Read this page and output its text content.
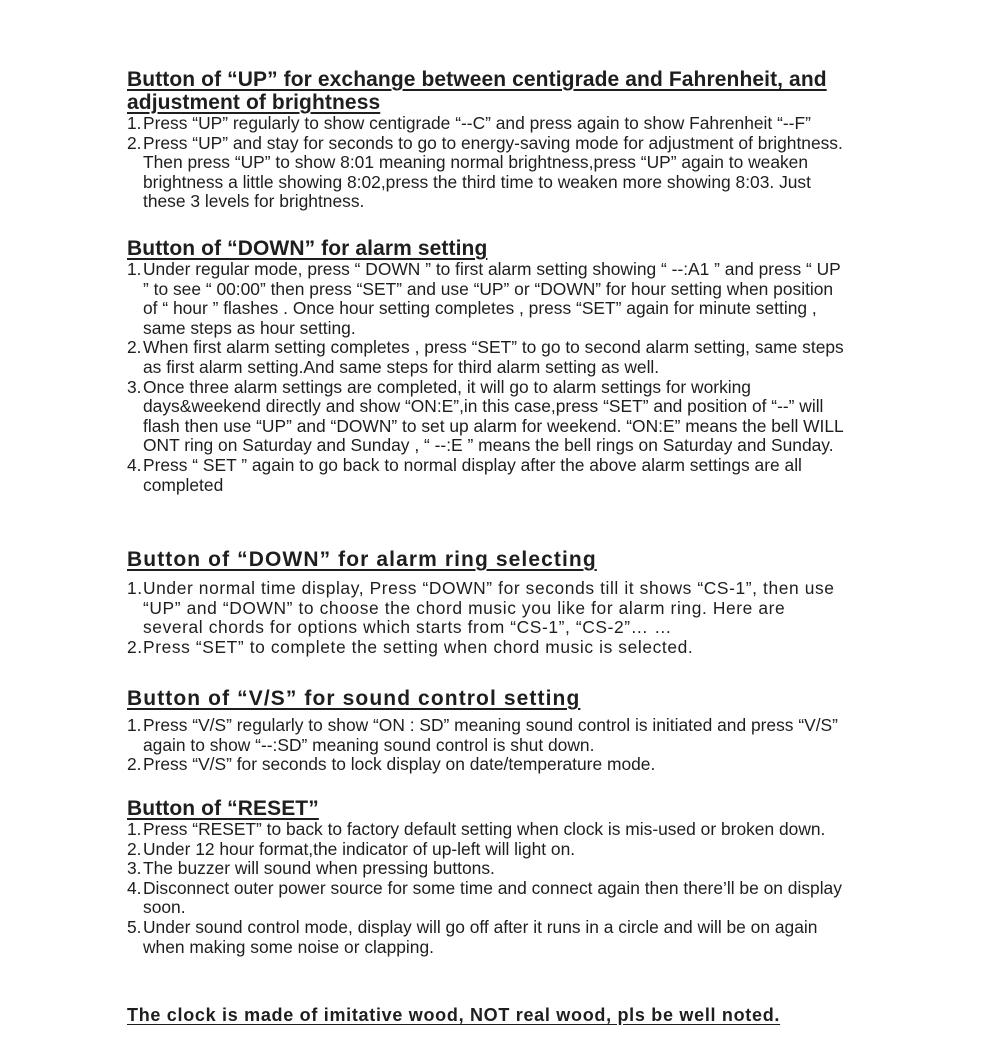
Button of “UP” for exchange between centigrade and Fahrenheit, and adjustment of brightness
1. Press “UP” regularly to show centigrade “--C” and press again to show Fahrenheit “--F”
2. Press “UP” and stay for seconds to go to energy-saving mode for adjustment of brightness. Then press “UP” to show 8:01 meaning normal brightness,press “UP” again to weaken brightness a little showing 8:02,press the third time to weaken more showing 8:03. Just these 3 levels for brightness.
Button of “DOWN” for alarm setting
1. Under regular mode, press “ DOWN ” to first alarm setting showing “ --:A1 ” and press “ UP ” to see “ 00:00” then press “SET” and use “UP” or “DOWN” for hour setting when position of “ hour ” flashes . Once hour setting completes , press “SET” again for minute setting , same steps as hour setting.
2. When first alarm setting completes , press “SET” to go to second alarm setting, same steps as first alarm setting.And same steps for third alarm setting as well.
3. Once three alarm settings are completed, it will go to alarm settings for working days&weekend directly and show “ON:E”,in this case,press “SET” and position of “--” will flash then use “UP” and “DOWN” to set up alarm for weekend. “ON:E” means the bell WILL ONT ring on Saturday and Sunday , “ --:E ” means the bell rings on Saturday and Sunday.
4. Press “ SET ” again to go back to normal display after the above alarm settings are all completed
Button of “DOWN” for alarm ring selecting
1. Under normal time display, Press “DOWN” for seconds till it shows “CS-1”, then use “UP” and “DOWN” to choose the chord music you like for alarm ring. Here are several chords for options which starts from “CS-1”, “CS-2”… …
2. Press “SET” to complete the setting when chord music is selected.
Button of “V/S” for sound control setting
1. Press “V/S” regularly to show “ON : SD” meaning sound control is initiated and press “V/S” again to show “--:SD” meaning sound control is shut down.
2. Press “V/S” for seconds to lock display on date/temperature mode.
Button of “RESET”
1. Press “RESET” to back to factory default setting when clock is mis-used or broken down.
2. Under 12 hour format,the indicator of up-left will light on.
3. The buzzer will sound when pressing buttons.
4. Disconnect outer power source for some time and connect again then there’ll be on display soon.
5. Under sound control mode, display will go off after it runs in a circle and will be on again when making some noise or clapping.
The clock is made of imitative wood, NOT real wood, pls be well noted.
